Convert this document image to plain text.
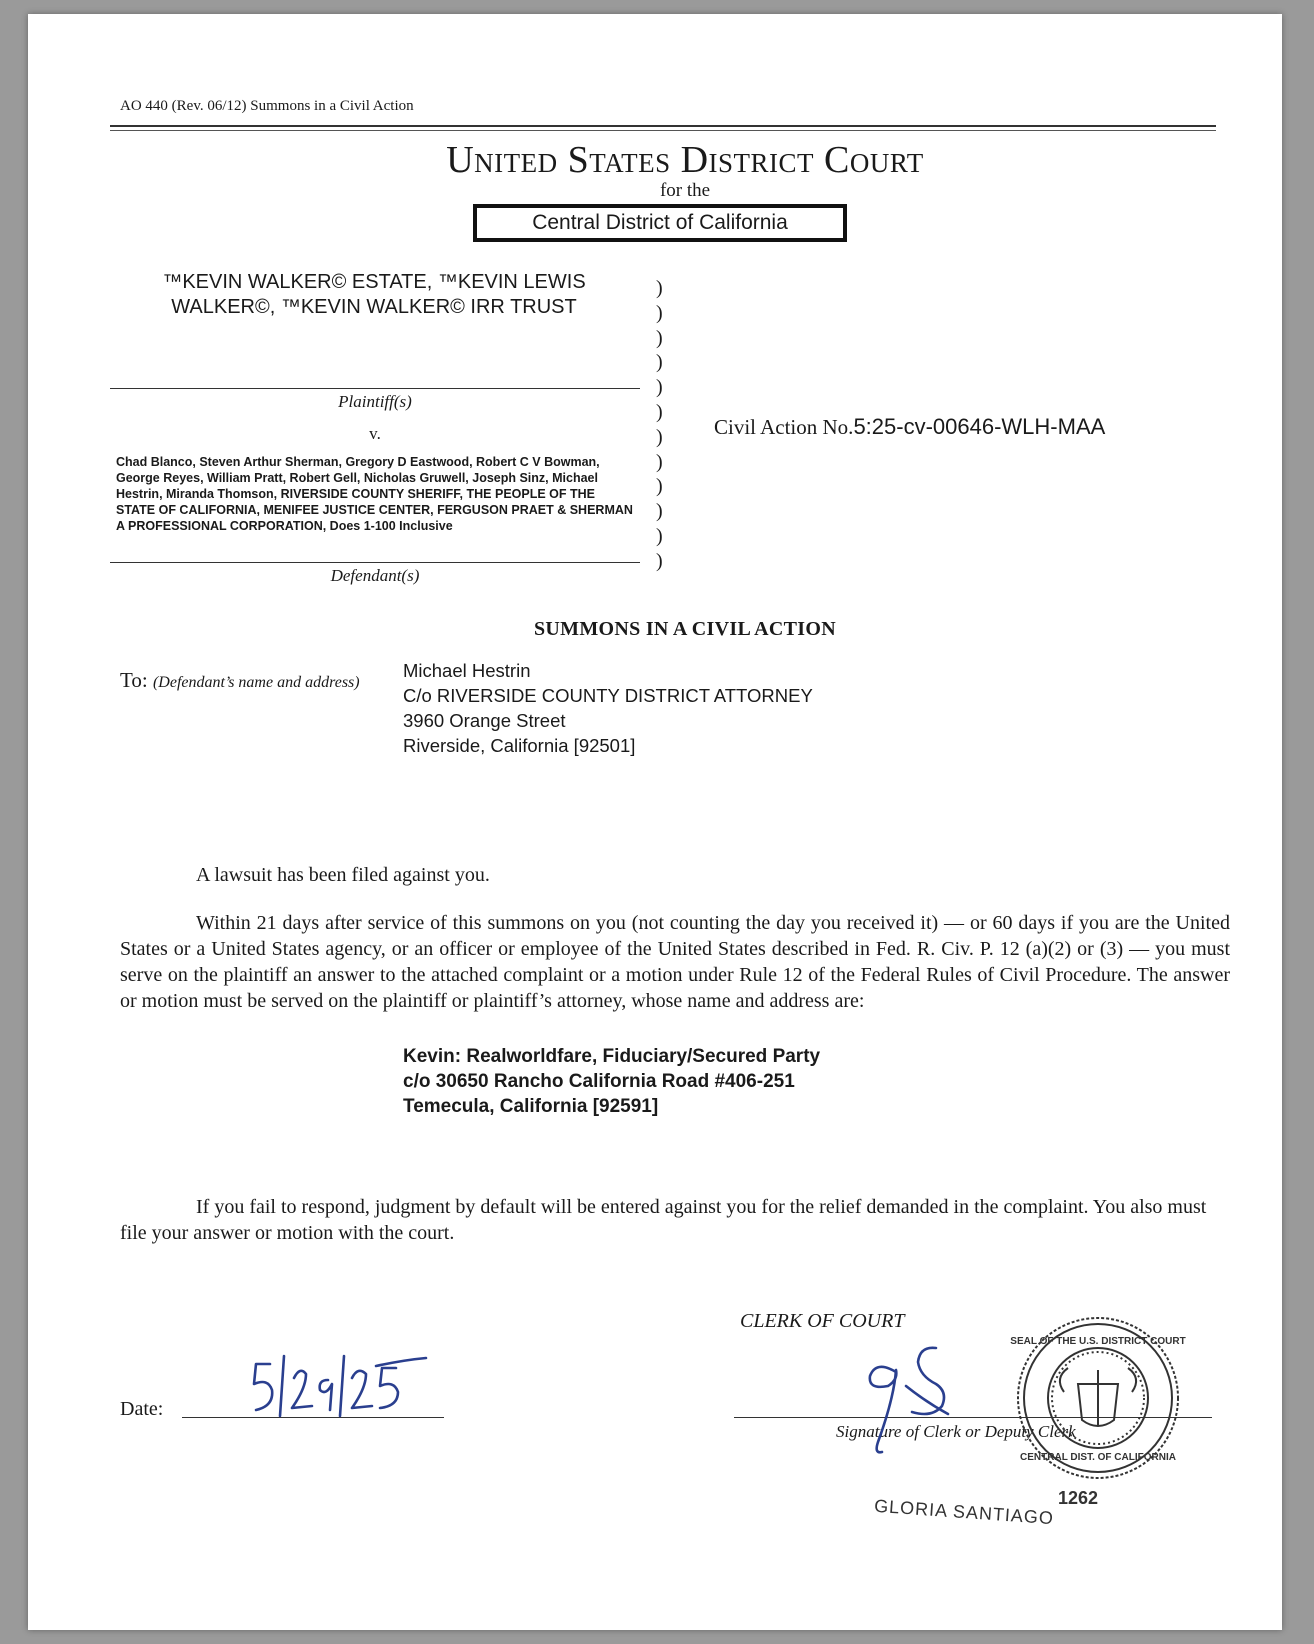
AO 440 (Rev. 06/12) Summons in a Civil Action
United States District Court
for the
Central District of California
™KEVIN WALKER© ESTATE, ™KEVIN LEWIS
WALKER©, ™KEVIN WALKER© IRR TRUST
Plaintiff(s)
v.
Chad Blanco, Steven Arthur Sherman, Gregory D Eastwood, Robert C V Bowman, George Reyes, William Pratt, Robert Gell, Nicholas Gruwell, Joseph Sinz, Michael Hestrin, Miranda Thomson, RIVERSIDE COUNTY SHERIFF, THE PEOPLE OF THE STATE OF CALIFORNIA, MENIFEE JUSTICE CENTER, FERGUSON PRAET & SHERMAN A PROFESSIONAL CORPORATION, Does 1-100 Inclusive
Defendant(s)
)
)
)
)
)
)
)
)
)
)
)
)
Civil Action No.5:25-cv-00646-WLH-MAA
SUMMONS IN A CIVIL ACTION
To: (Defendant’s name and address)
Michael Hestrin
C/o RIVERSIDE COUNTY DISTRICT ATTORNEY
3960 Orange Street
Riverside, California [92501]
A lawsuit has been filed against you.
Within 21 days after service of this summons on you (not counting the day you received it) — or 60 days if you are the United States or a United States agency, or an officer or employee of the United States described in Fed. R. Civ. P. 12 (a)(2) or (3) — you must serve on the plaintiff an answer to the attached complaint or a motion under Rule 12 of the Federal Rules of Civil Procedure. The answer or motion must be served on the plaintiff or plaintiff’s attorney, whose name and address are:
Kevin: Realworldfare, Fiduciary/Secured Party
c/o 30650 Rancho California Road #406-251
Temecula, California [92591]
If you fail to respond, judgment by default will be entered against you for the relief demanded in the complaint. You also must file your answer or motion with the court.
CLERK OF COURT
Date:
Signature of Clerk or Deputy Clerk
GLORIA SANTIAGO
SEAL OF THE U.S. DISTRICT COURT
CENTRAL DIST. OF CALIFORNIA
1262
